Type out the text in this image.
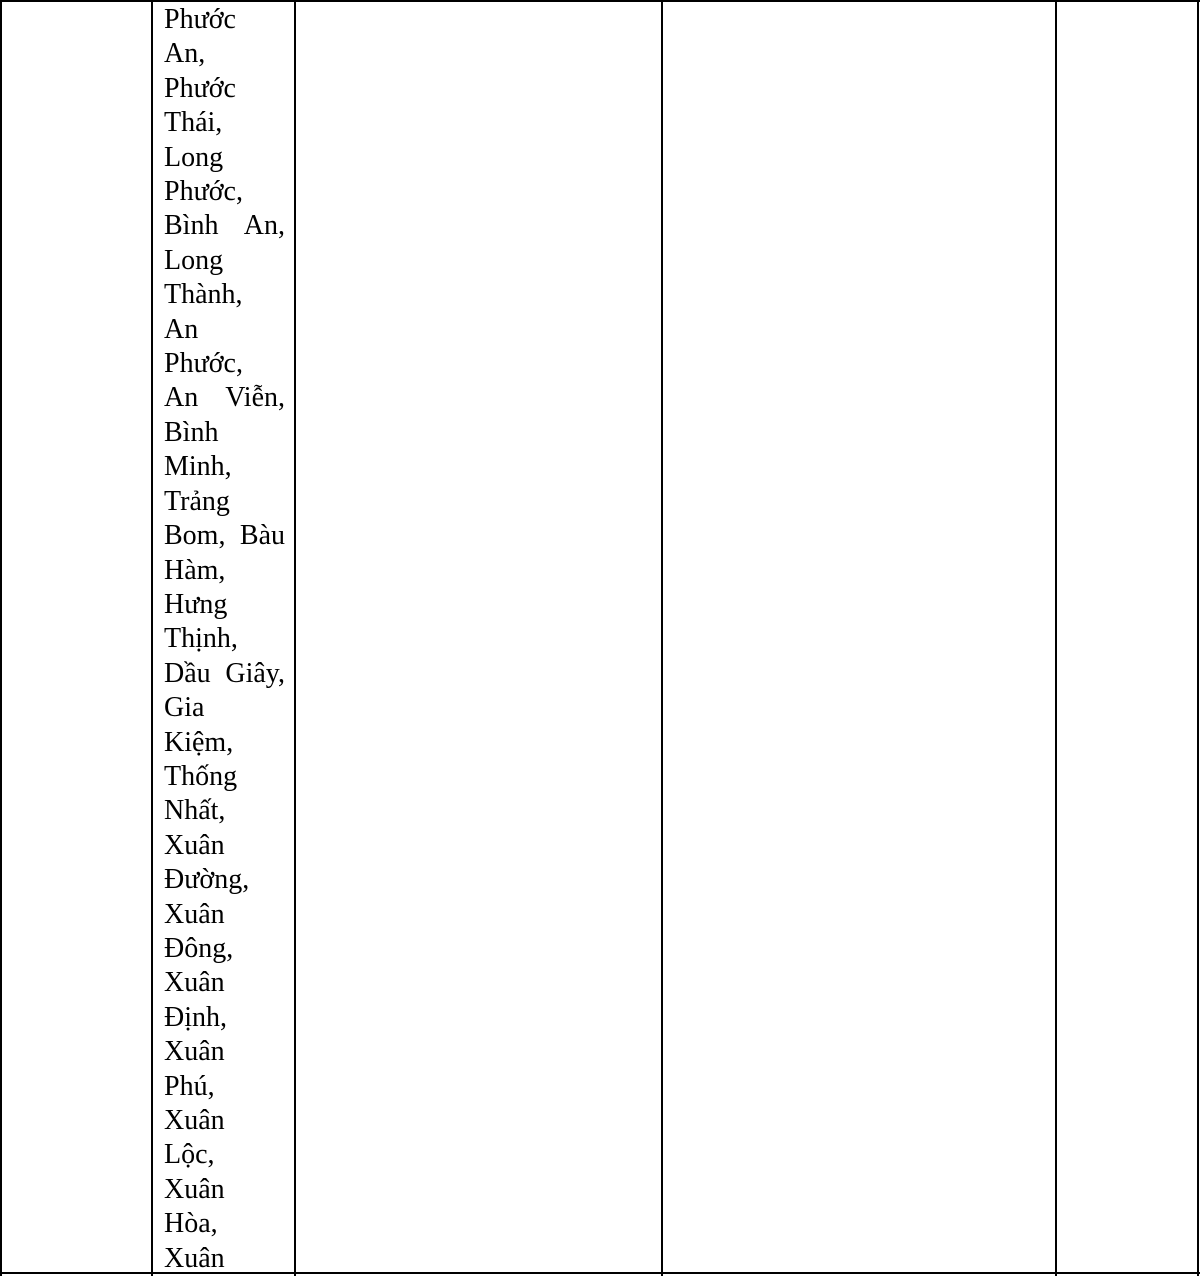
Phước
An,
Phước
Thái,
Long
Phước,
Bình An,
Long
Thành,
An
Phước,
An Viễn,
Bình
Minh,
Trảng
Bom, Bàu
Hàm,
Hưng
Thịnh,
Dầu Giây,
Gia
Kiệm,
Thống
Nhất,
Xuân
Đường,
Xuân
Đông,
Xuân
Định,
Xuân
Phú,
Xuân
Lộc,
Xuân
Hòa,
Xuân
